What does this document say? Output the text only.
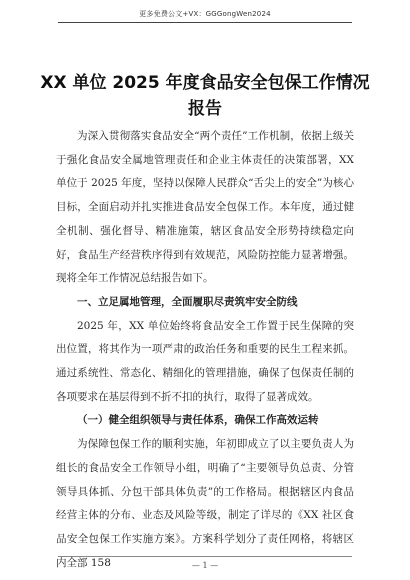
更多免费公文+VX：GGGongWen2024
XX 单位 2025 年度食品安全包保工作情况
报告

为深入贯彻落实食品安全“两个责任”工作机制，依据上级关于强化食品安全属地管理责任和企业主体责任的决策部署，XX 单位于 2025 年度，坚持以保障人民群众“舌尖上的安全”为核心目标，全面启动并扎实推进食品安全包保工作。本年度，通过健全机制、强化督导、精准施策，辖区食品安全形势持续稳定向好，食品生产经营秩序得到有效规范，风险防控能力显著增强。现将全年工作情况总结报告如下。

一、立足属地管理，全面履职尽责筑牢安全防线

2025 年，XX 单位始终将食品安全工作置于民生保障的突出位置，将其作为一项严肃的政治任务和重要的民生工程来抓。通过系统性、常态化、精细化的管理措施，确保了包保责任制的各项要求在基层得到不折不扣的执行，取得了显著成效。

（一）健全组织领导与责任体系，确保工作高效运转

为保障包保工作的顺利实施，年初即成立了以主要负责人为组长的食品安全工作领导小组，明确了“主要领导负总责、分管领导具体抓、分包干部具体负责”的工作格局。根据辖区内食品经营主体的分布、业态及风险等级，制定了详尽的《XX 社区食品安全包保工作实施方案》。方案科学划分了责任网格，将辖区内全部 158	— 1 —
